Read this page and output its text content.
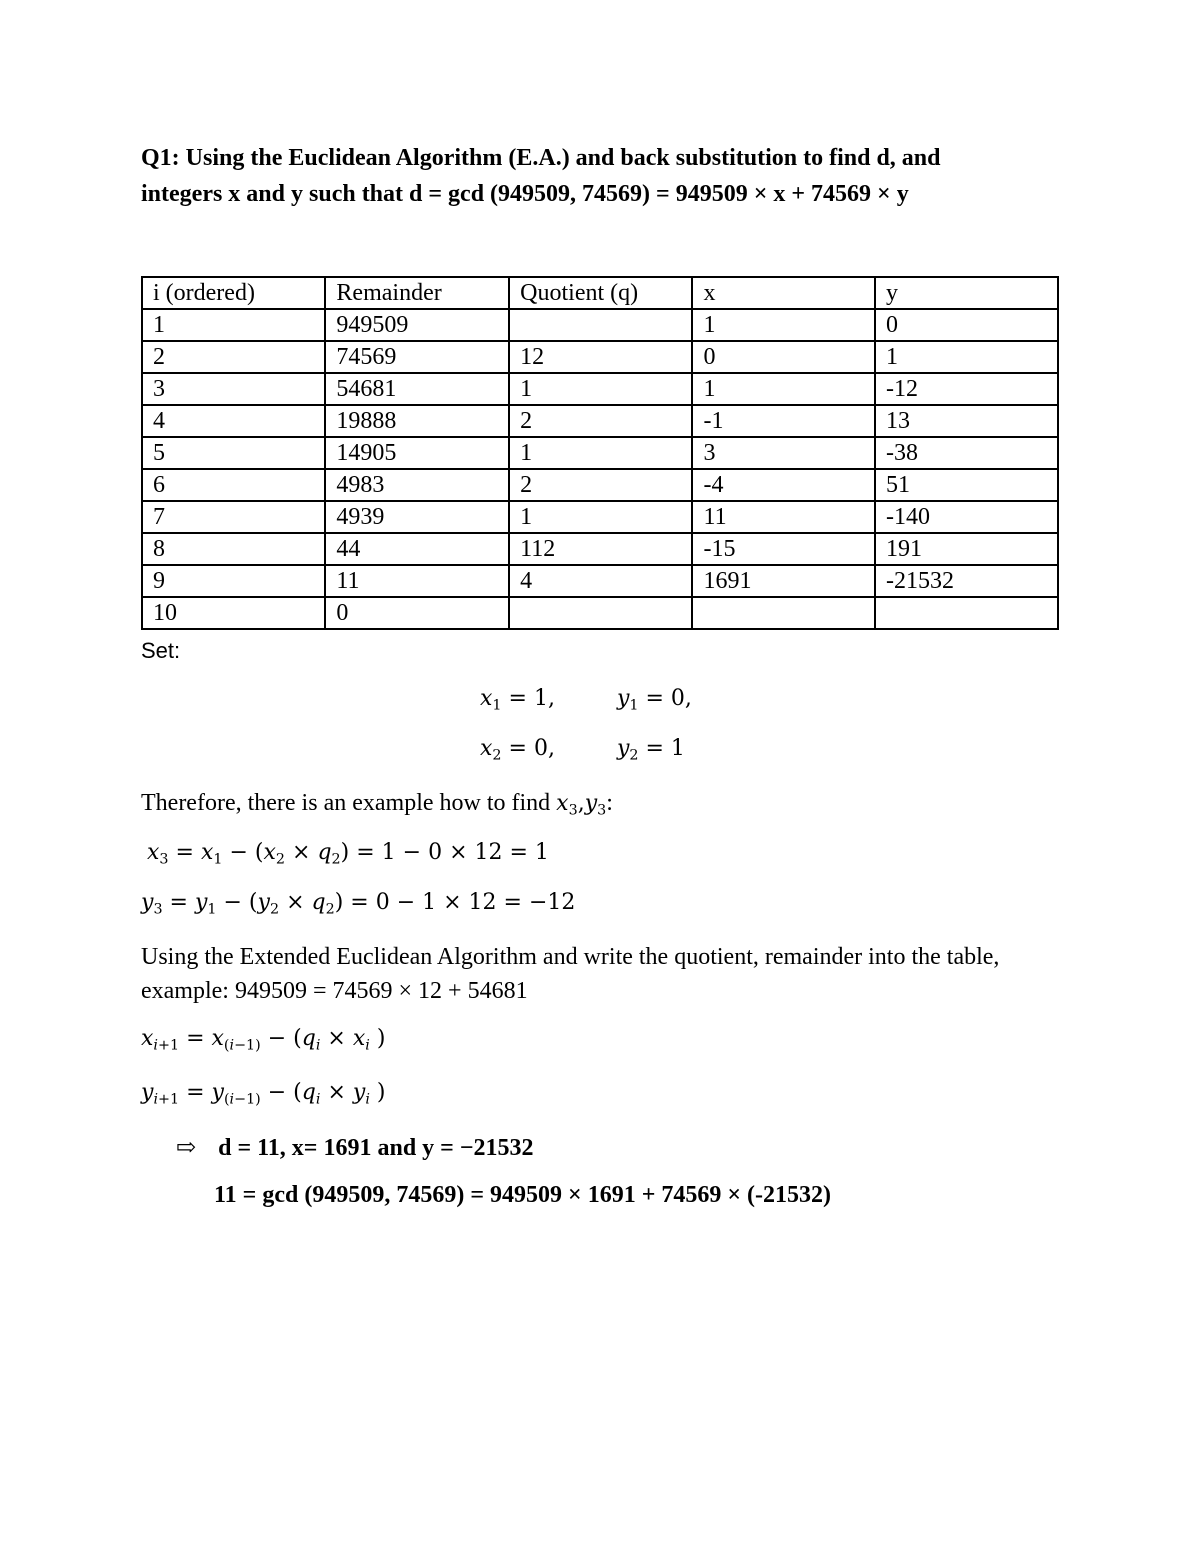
Q1: Using the Euclidean Algorithm (E.A.) and back substitution to find d, and
integers x and y such that d = gcd (949509, 74569) = 949509 × x + 74569 × y
i (ordered)	Remainder	Quotient (q)	x	y
1	949509		1	0
2	74569	12	0	1
3	54681	1	1	-12
4	19888	2	-1	13
5	14905	1	3	-38
6	4983	2	-4	51
7	4939	1	11	-140
8	44	112	-15	191
9	11	4	1691	-21532
10	0			
Set:
$x_1 = 1$,	$y_1 = 0$,
$x_2 = 0$,	$y_2 = 1$
Therefore, there is an example how to find $x_3,y_3$:
$x_3 = x_1 - (x_2 \times q_2) = 1 - 0 \times 12 = 1$
$y_3 = y_1 - (y_2 \times q_2) = 0 - 1 \times 12 = -12$
Using the Extended Euclidean Algorithm and write the quotient, remainder into the table, example: 949509 = 74569 × 12 + 54681
$x_{i+1} = x_{(i-1)} - (q_i \times x_i$ )
$y_{i+1} = y_{(i-1)} - (q_i \times y_i$ )
⇨ d = 11, x= 1691 and y = −21532
11 = gcd (949509, 74569) = 949509 × 1691 + 74569 × (-21532)
